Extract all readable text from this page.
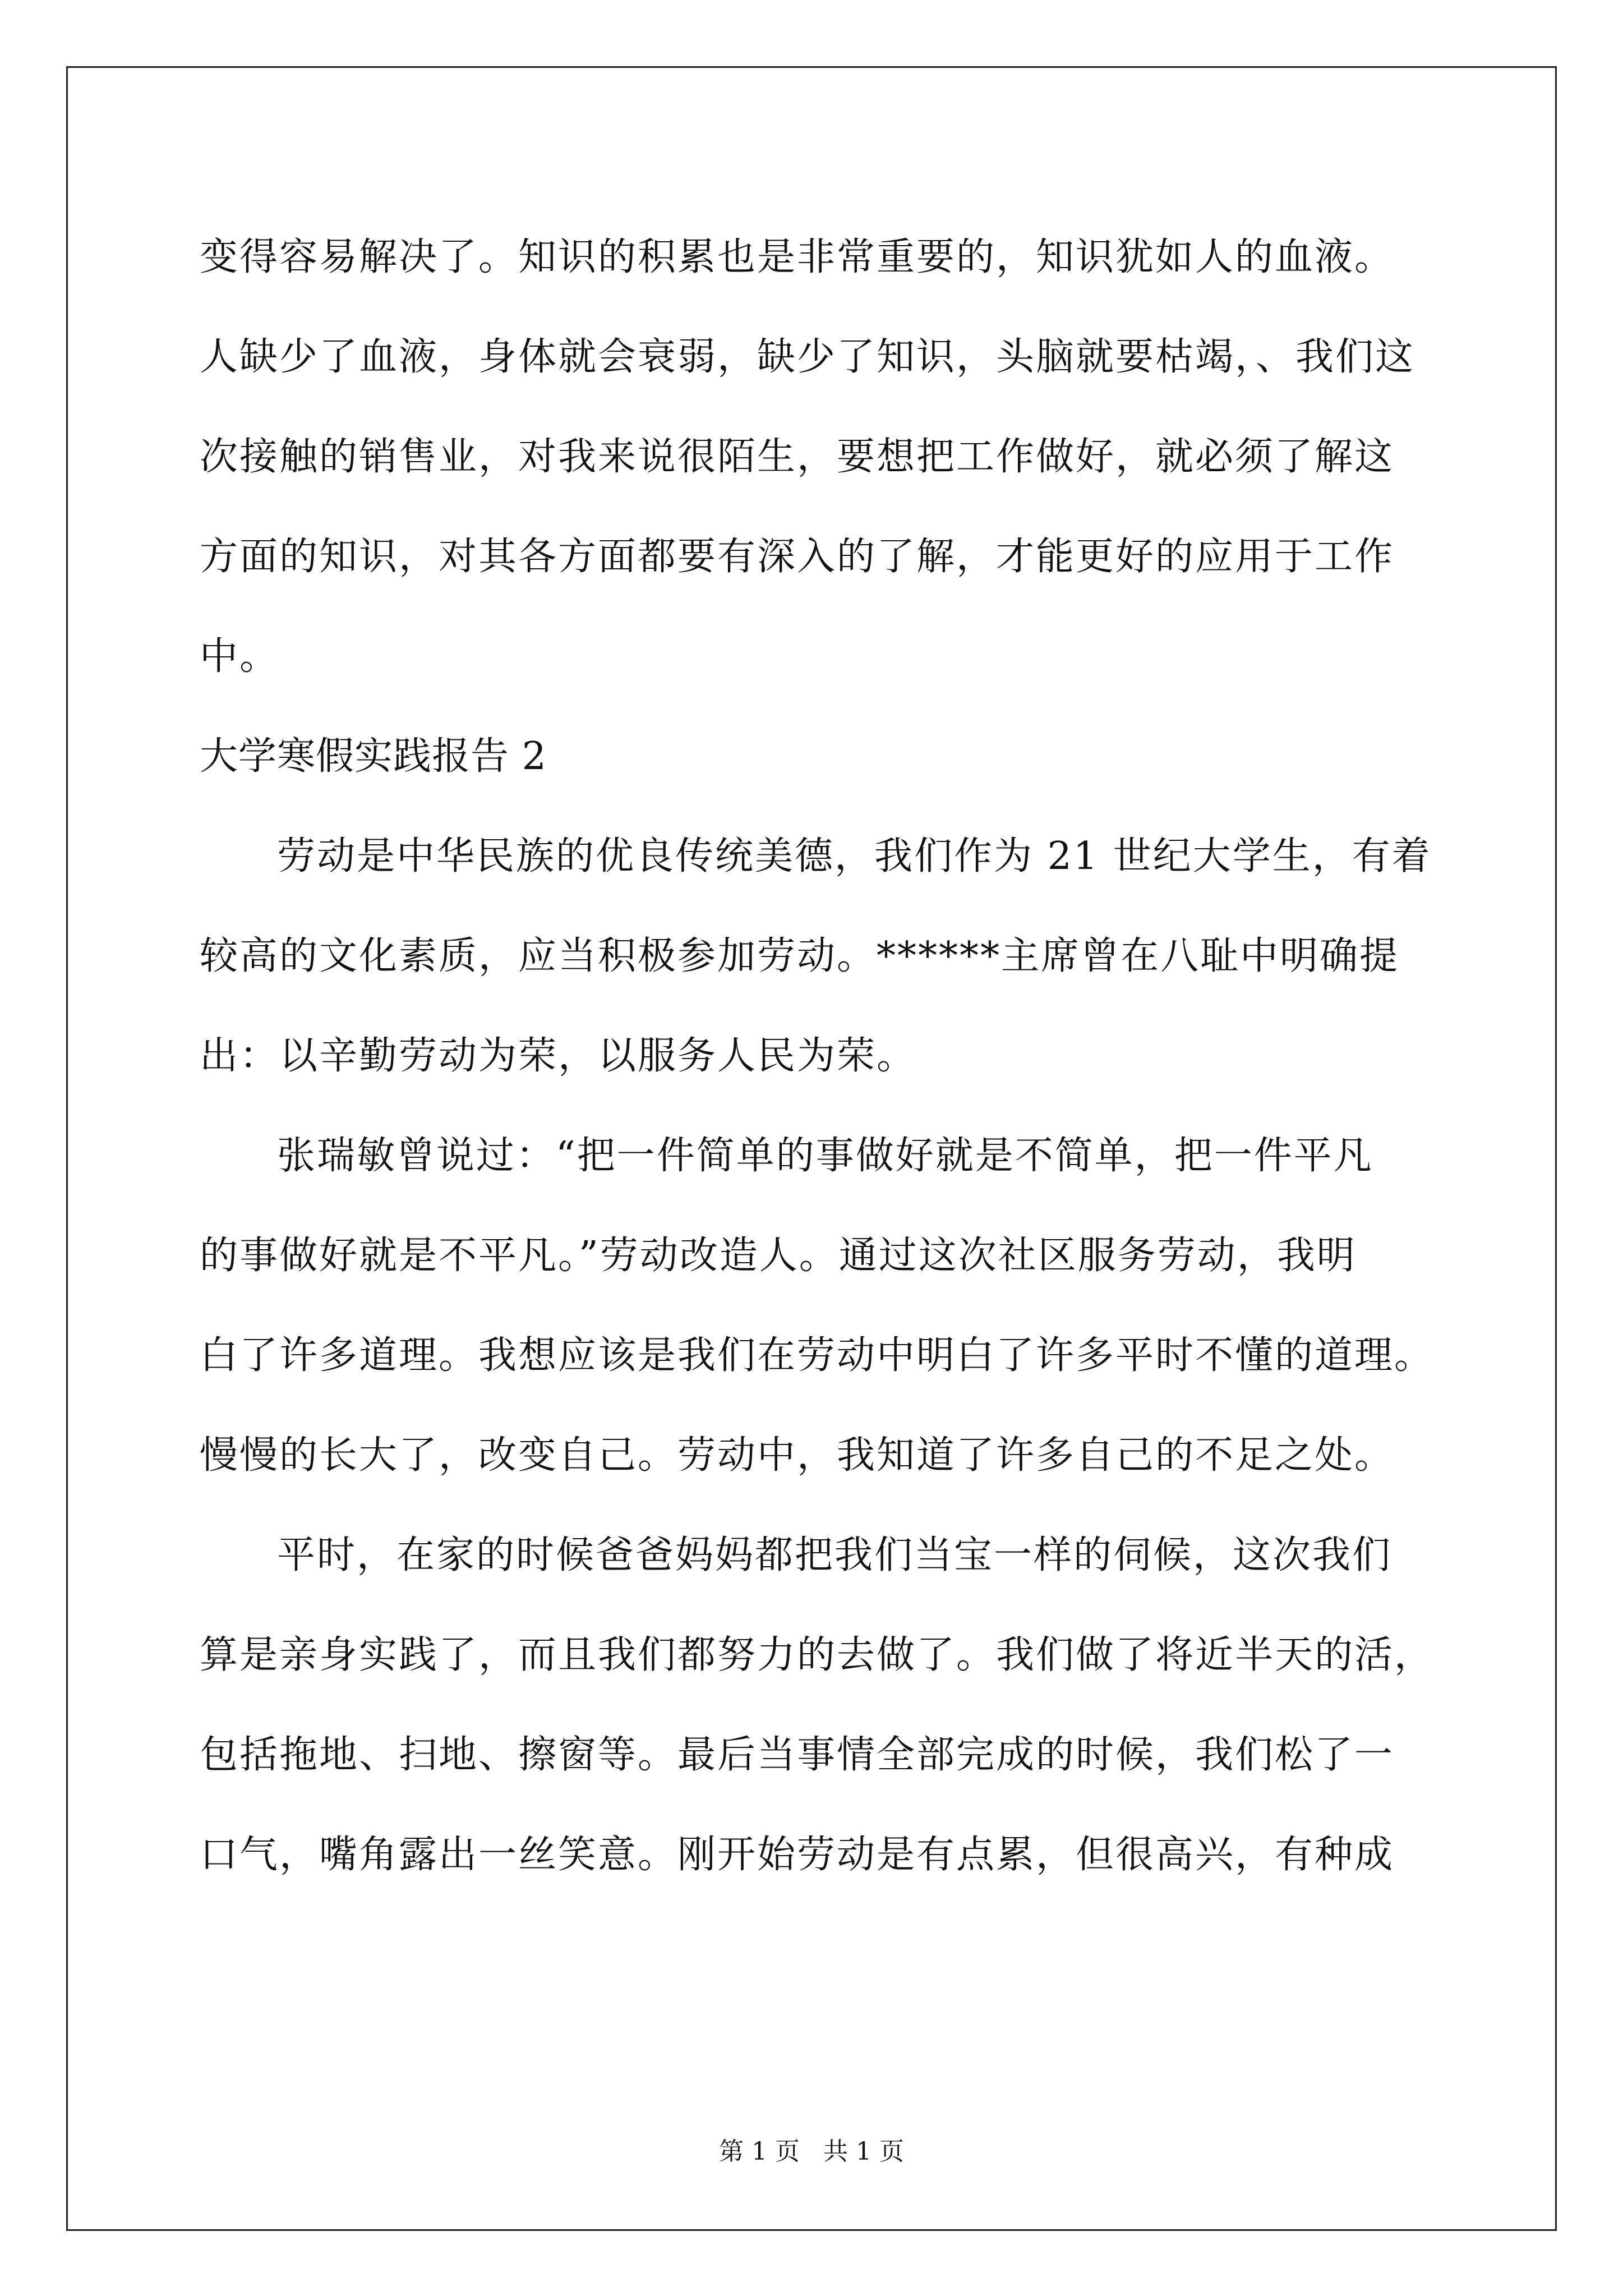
变得容易解决了。知识的积累也是非常重要的，知识犹如人的血液。
人缺少了血液，身体就会衰弱，缺少了知识，头脑就要枯竭，、我们这
次接触的销售业，对我来说很陌生，要想把工作做好，就必须了解这
方面的知识，对其各方面都要有深入的了解，才能更好的应用于工作
中。
大学寒假实践报告 2
劳动是中华民族的优良传统美德，我们作为 21 世纪大学生，有着
较高的文化素质，应当积极参加劳动。******主席曾在八耻中明确提
出：以辛勤劳动为荣，以服务人民为荣。
张瑞敏曾说过：“把一件简单的事做好就是不简单，把一件平凡
的事做好就是不平凡。”劳动改造人。通过这次社区服务劳动，我明
白了许多道理。我想应该是我们在劳动中明白了许多平时不懂的道理。
慢慢的长大了，改变自己。劳动中，我知道了许多自己的不足之处。
平时，在家的时候爸爸妈妈都把我们当宝一样的伺候，这次我们
算是亲身实践了，而且我们都努力的去做了。我们做了将近半天的活，
包括拖地、扫地、擦窗等。最后当事情全部完成的时候，我们松了一
口气，嘴角露出一丝笑意。刚开始劳动是有点累，但很高兴，有种成
第 1 页   共 1 页
